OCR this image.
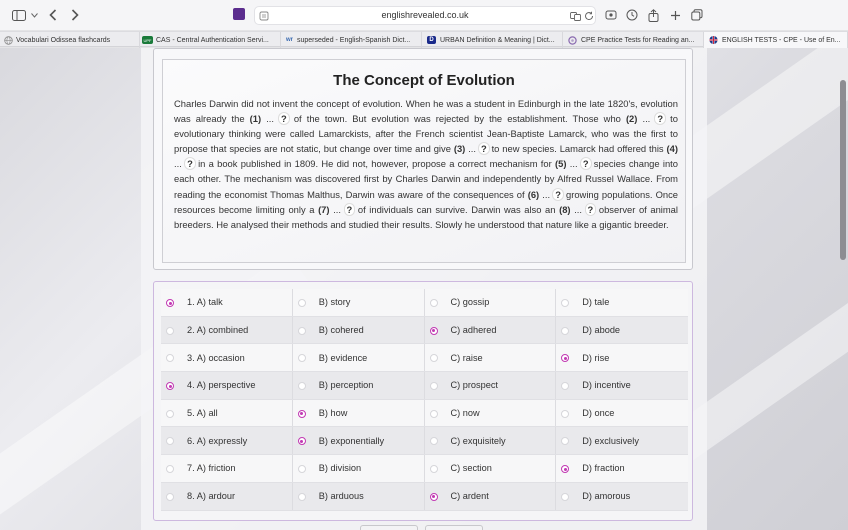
englishrevealed.co.uk
Vocabulari Odissea flashcards	UPF CAS - Central Authentication Servi...	wr superseded - English-Spanish Dict...	D URBAN Definition & Meaning | Dict...	CPE Practice Tests for Reading an...	ENGLISH TESTS - CPE - Use of En...
The Concept of Evolution
Charles Darwin did not invent the concept of evolution. When he was a student in Edinburgh in the late 1820's, evolution was already the (1) ... ? of the town. But evolution was rejected by the establishment. Those who (2) ... ? to evolutionary thinking were called Lamarckists, after the French scientist Jean-Baptiste Lamarck, who was the first to propose that species are not static, but change over time and give (3) ... ? to new species. Lamarck had offered this (4) ... ? in a book published in 1809. He did not, however, propose a correct mechanism for (5) ... ? species change into each other. The mechanism was discovered first by Charles Darwin and independently by Alfred Russel Wallace. From reading the economist Thomas Malthus, Darwin was aware of the consequences of (6) ... ? growing populations. Once resources become limiting only a (7) ... ? of individuals can survive. Darwin was also an (8) ... ? observer of animal breeders. He analysed their methods and studied their results. Slowly he understood that nature like a gigantic breeder.
1. A) talk	B) story	C) gossip	D) tale
2. A) combined	B) cohered	C) adhered	D) abode
3. A) occasion	B) evidence	C) raise	D) rise
4. A) perspective	B) perception	C) prospect	D) incentive
5. A) all	B) how	C) now	D) once
6. A) expressly	B) exponentially	C) exquisitely	D) exclusively
7. A) friction	B) division	C) section	D) fraction
8. A) ardour	B) arduous	C) ardent	D) amorous
